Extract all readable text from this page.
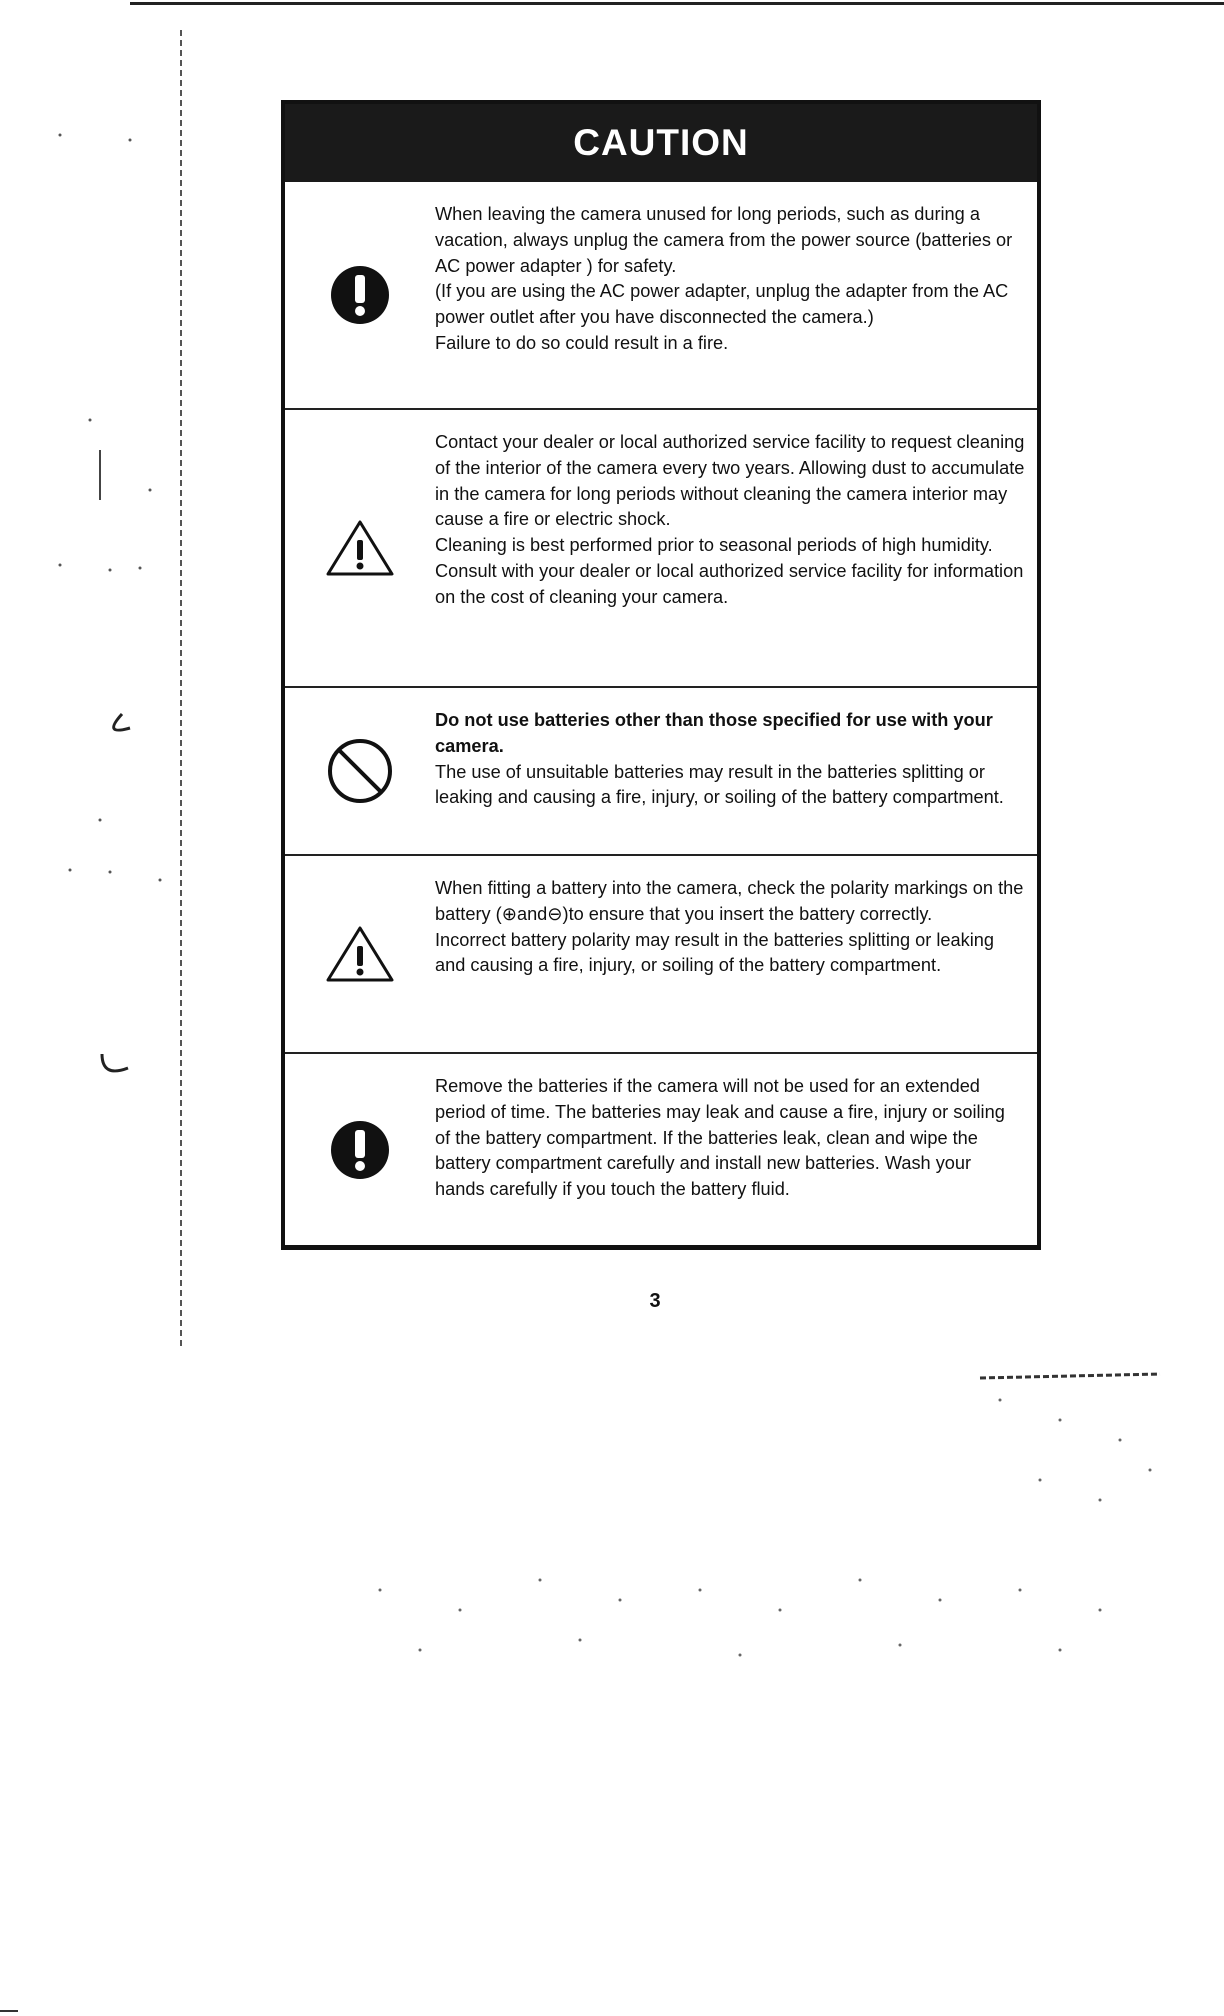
CAUTION

When leaving the camera unused for long periods, such as during a vacation, always unplug the camera from the power source (batteries or AC power adapter ) for safety.

(If you are using the AC power adapter, unplug the adapter from the AC power outlet after you have disconnected the camera.)

Failure to do so could result in a fire.

Contact your dealer or local authorized service facility to request cleaning of the interior of the camera every two years. Allowing dust to accumulate in the camera for long periods without cleaning the camera interior may cause a fire or electric shock.

Cleaning is best performed prior to seasonal periods of high humidity.

Consult with your dealer or local authorized service facility for information on the cost of cleaning your camera.

Do not use batteries other than those specified for use with your camera.

The use of unsuitable batteries may result in the batteries splitting or leaking and causing a fire, injury, or soiling of the battery compartment.

When fitting a battery into the camera, check the polarity markings on the battery (⊕and⊖)to ensure that you insert the battery correctly.

Incorrect battery polarity may result in the batteries splitting or leaking and causing a fire, injury, or soiling of the battery compartment.

Remove the batteries if the camera will not be used for an extended period of time. The batteries may leak and cause a fire, injury or soiling of the battery compartment. If the batteries leak, clean and wipe the battery compartment carefully and install new batteries. Wash your hands carefully if you touch the battery fluid.

3
